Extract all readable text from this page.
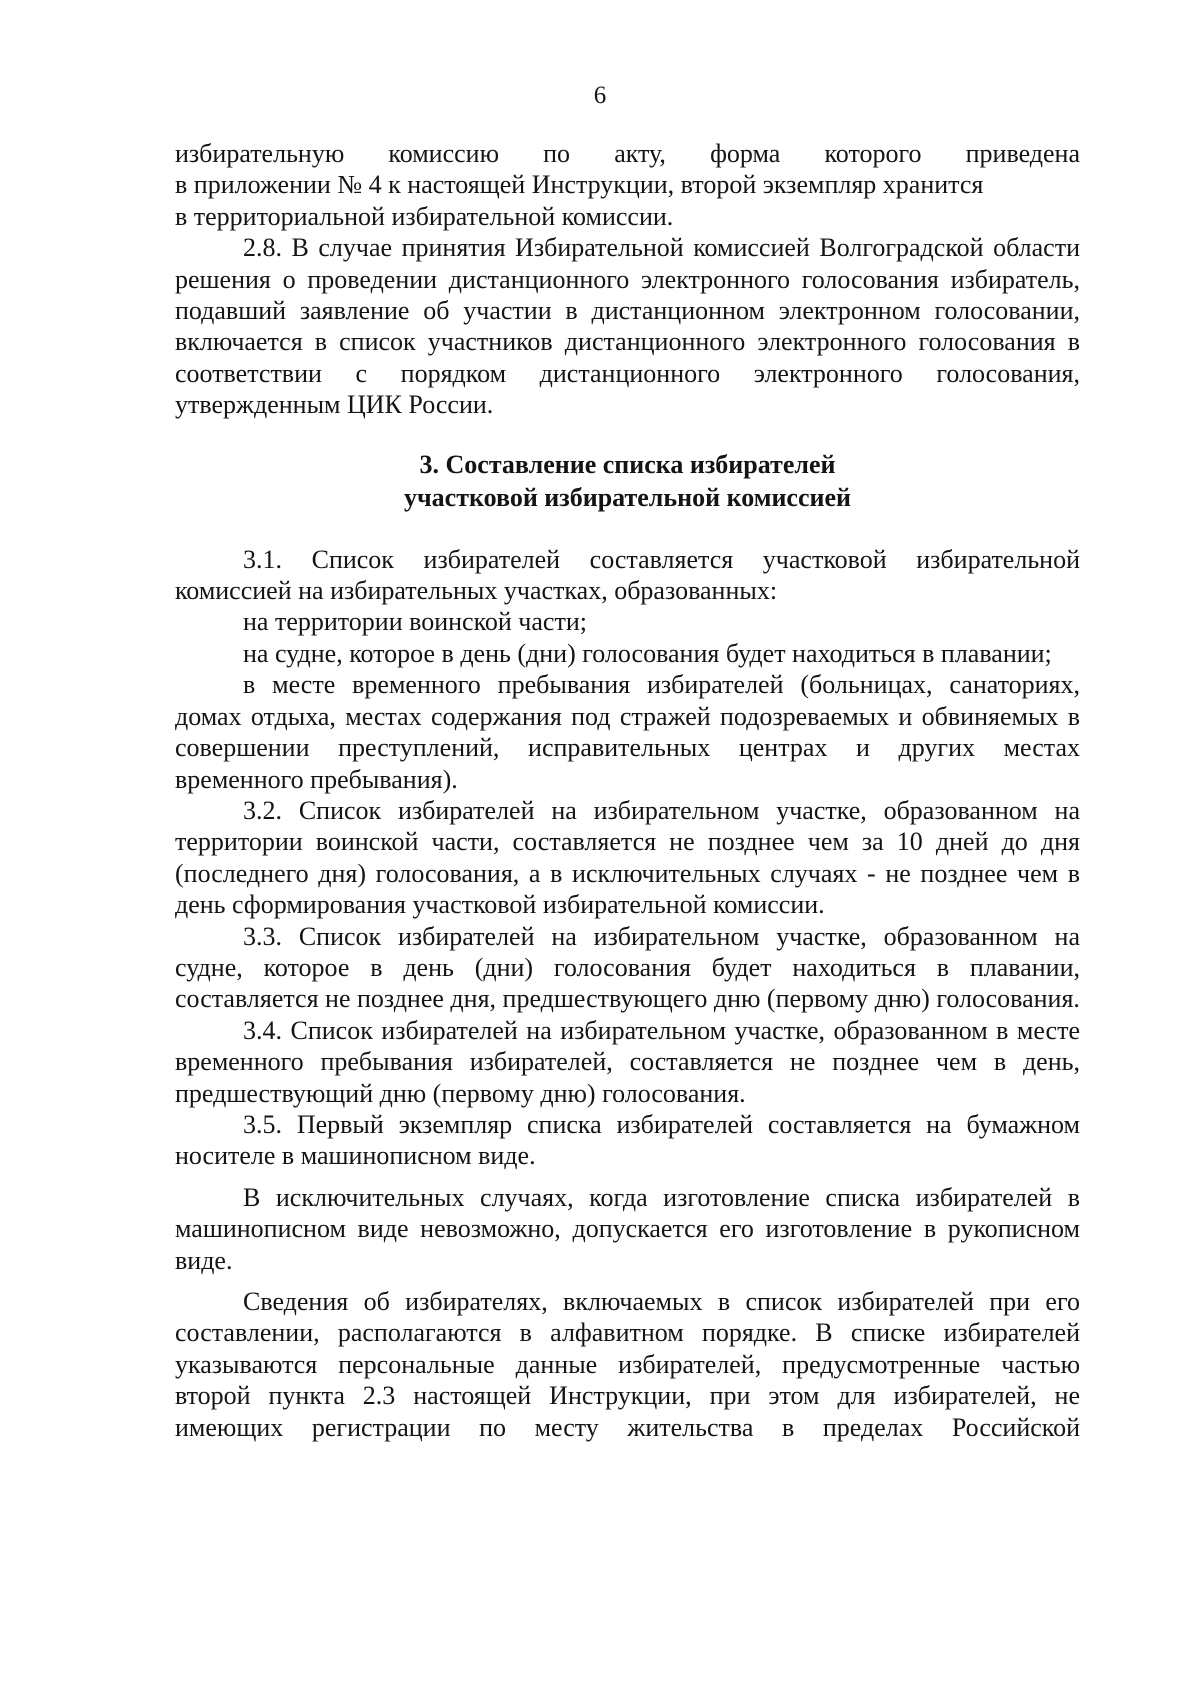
6

избирательную комиссию по акту, форма которого приведена
в приложении № 4 к настоящей Инструкции, второй экземпляр хранится
в территориальной избирательной комиссии.

2.8. В случае принятия Избирательной комиссией Волгоградской области решения о проведении дистанционного электронного голосования избиратель, подавший заявление об участии в дистанционном электронном голосовании, включается в список участников дистанционного электронного голосования в соответствии с порядком дистанционного электронного голосования, утвержденным ЦИК России.

3. Составление списка избирателей
участковой избирательной комиссией

3.1. Список избирателей составляется участковой избирательной комиссией на избирательных участках, образованных:

на территории воинской части;

на судне, которое в день (дни) голосования будет находиться в плавании;

в месте временного пребывания избирателей (больницах, санаториях, домах отдыха, местах содержания под стражей подозреваемых и обвиняемых в совершении преступлений, исправительных центрах и других местах временного пребывания).

3.2. Список избирателей на избирательном участке, образованном на территории воинской части, составляется не позднее чем за 10 дней до дня (последнего дня) голосования, а в исключительных случаях - не позднее чем в день сформирования участковой избирательной комиссии.

3.3. Список избирателей на избирательном участке, образованном на судне, которое в день (дни) голосования будет находиться в плавании, составляется не позднее дня, предшествующего дню (первому дню) голосования.

3.4. Список избирателей на избирательном участке, образованном в месте временного пребывания избирателей, составляется не позднее чем в день, предшествующий дню (первому дню) голосования.

3.5. Первый экземпляр списка избирателей составляется на бумажном носителе в машинописном виде.

В исключительных случаях, когда изготовление списка избирателей в машинописном виде невозможно, допускается его изготовление в рукописном виде.

Сведения об избирателях, включаемых в список избирателей при его составлении, располагаются в алфавитном порядке. В списке избирателей указываются персональные данные избирателей, предусмотренные частью второй пункта 2.3 настоящей Инструкции, при этом для избирателей, не имеющих регистрации по месту жительства в пределах Российской
